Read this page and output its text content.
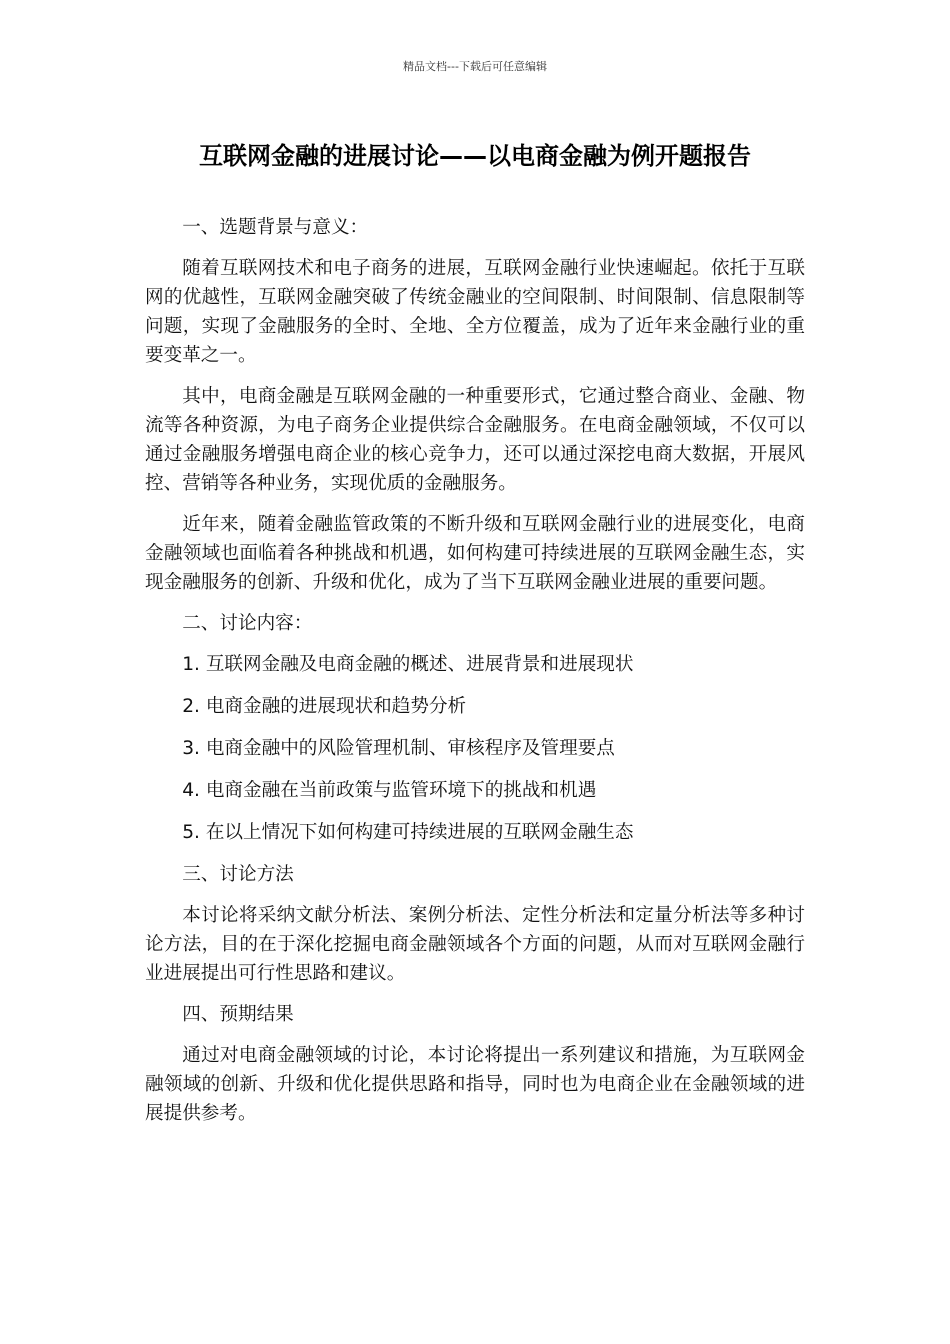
精品文档---下载后可任意编辑
互联网金融的进展讨论——以电商金融为例开题报告

一、选题背景与意义：

随着互联网技术和电子商务的进展，互联网金融行业快速崛起。依托于互联网的优越性，互联网金融突破了传统金融业的空间限制、时间限制、信息限制等问题，实现了金融服务的全时、全地、全方位覆盖，成为了近年来金融行业的重要变革之一。

其中，电商金融是互联网金融的一种重要形式，它通过整合商业、金融、物流等各种资源，为电子商务企业提供综合金融服务。在电商金融领域，不仅可以通过金融服务增强电商企业的核心竞争力，还可以通过深挖电商大数据，开展风控、营销等各种业务，实现优质的金融服务。

近年来，随着金融监管政策的不断升级和互联网金融行业的进展变化，电商金融领域也面临着各种挑战和机遇，如何构建可持续进展的互联网金融生态，实现金融服务的创新、升级和优化，成为了当下互联网金融业进展的重要问题。

二、讨论内容：

1. 互联网金融及电商金融的概述、进展背景和进展现状

2. 电商金融的进展现状和趋势分析

3. 电商金融中的风险管理机制、审核程序及管理要点

4. 电商金融在当前政策与监管环境下的挑战和机遇

5. 在以上情况下如何构建可持续进展的互联网金融生态

三、讨论方法

本讨论将采纳文献分析法、案例分析法、定性分析法和定量分析法等多种讨论方法，目的在于深化挖掘电商金融领域各个方面的问题，从而对互联网金融行业进展提出可行性思路和建议。

四、预期结果

通过对电商金融领域的讨论，本讨论将提出一系列建议和措施，为互联网金融领域的创新、升级和优化提供思路和指导，同时也为电商企业在金融领域的进展提供参考。
